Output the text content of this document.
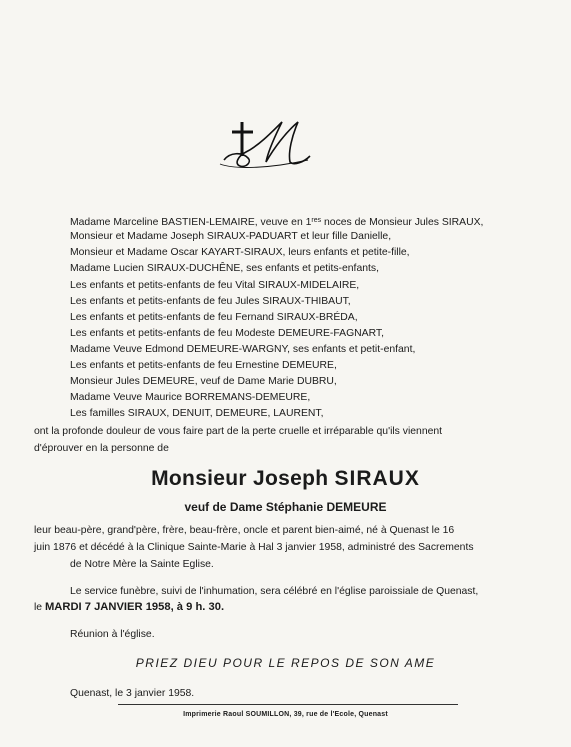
Madame Marceline BASTIEN-LEMAIRE, veuve en 1res noces de Monsieur Jules SIRAUX,
Monsieur et Madame Joseph SIRAUX-PADUART et leur fille Danielle,
Monsieur et Madame Oscar KAYART-SIRAUX, leurs enfants et petite-fille,
Madame Lucien SIRAUX-DUCHÊNE, ses enfants et petits-enfants,
Les enfants et petits-enfants de feu Vital SIRAUX-MIDELAIRE,
Les enfants et petits-enfants de feu Jules SIRAUX-THIBAUT,
Les enfants et petits-enfants de feu Fernand SIRAUX-BRÉDA,
Les enfants et petits-enfants de feu Modeste DEMEURE-FAGNART,
Madame Veuve Edmond DEMEURE-WARGNY, ses enfants et petit-enfant,
Les enfants et petits-enfants de feu Ernestine DEMEURE,
Monsieur Jules DEMEURE, veuf de Dame Marie DUBRU,
Madame Veuve Maurice BORREMANS-DEMEURE,
Les familles SIRAUX, DENUIT, DEMEURE, LAURENT,
ont la profonde douleur de vous faire part de la perte cruelle et irréparable qu'ils viennent
d'éprouver en la personne de
Monsieur Joseph SIRAUX
veuf de Dame Stéphanie DEMEURE
leur beau-père, grand'père, frère, beau-frère, oncle et parent bien-aimé, né à Quenast le 16
juin 1876 et décédé à la Clinique Sainte-Marie à Hal 3 janvier 1958, administré des Sacrements
de Notre Mère la Sainte Eglise.
Le service funèbre, suivi de l'inhumation, sera célébré en l'église paroissiale de Quenast,
le MARDI 7 JANVIER 1958, à 9 h. 30.
Réunion à l'église.
PRIEZ DIEU POUR LE REPOS DE SON AME
Quenast, le 3 janvier 1958.
Imprimerie Raoul SOUMILLON, 39, rue de l'Ecole, Quenast
